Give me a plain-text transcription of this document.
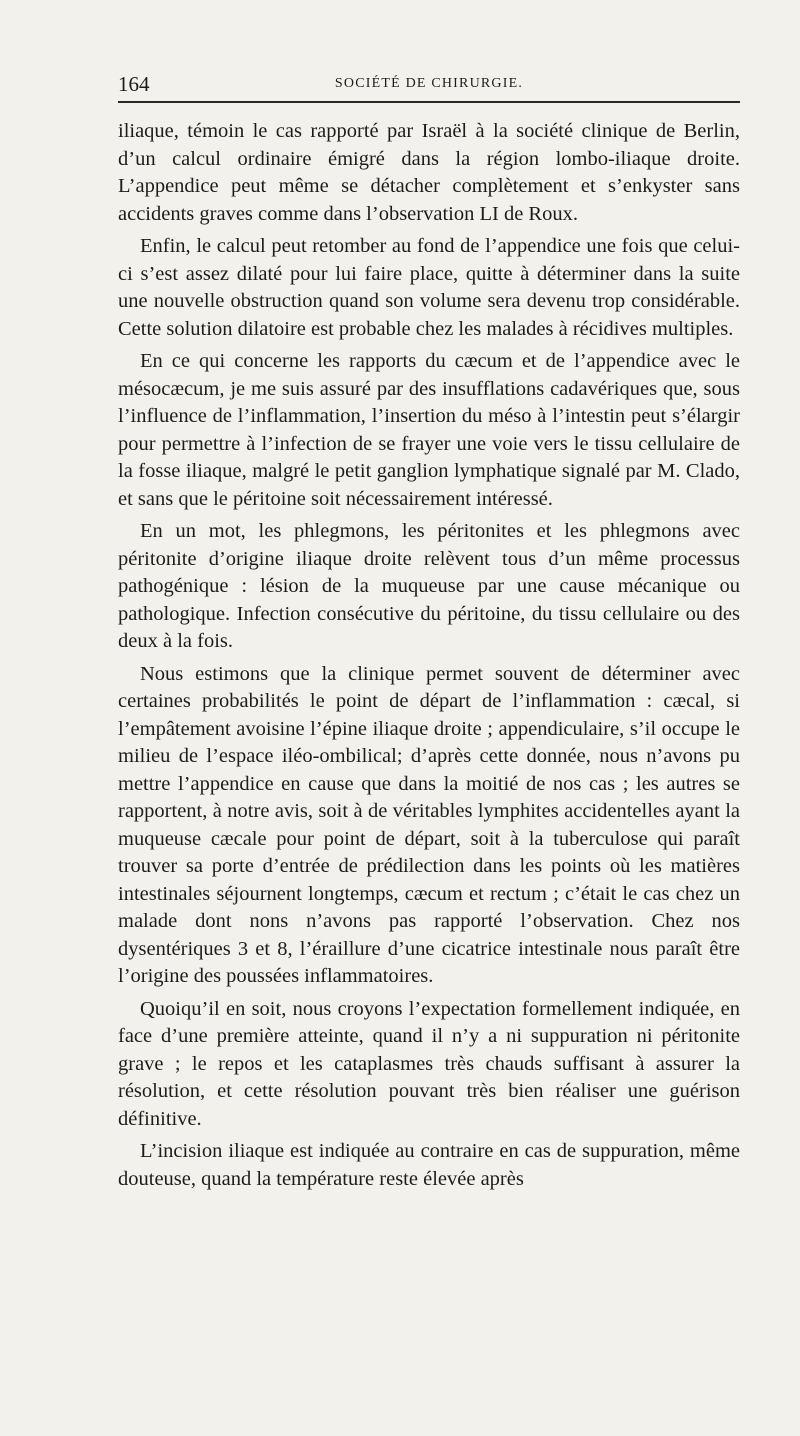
164	SOCIÉTÉ DE CHIRURGIE.

iliaque, témoin le cas rapporté par Israël à la société clinique de Berlin, d’un calcul ordinaire émigré dans la région lombo-iliaque droite. L’appendice peut même se détacher complètement et s’enkyster sans accidents graves comme dans l’observation LI de Roux.

Enfin, le calcul peut retomber au fond de l’appendice une fois que celui-ci s’est assez dilaté pour lui faire place, quitte à déterminer dans la suite une nouvelle obstruction quand son volume sera devenu trop considérable. Cette solution dilatoire est probable chez les malades à récidives multiples.

En ce qui concerne les rapports du cæcum et de l’appendice avec le mésocæcum, je me suis assuré par des insufflations cadavériques que, sous l’influence de l’inflammation, l’insertion du méso à l’intestin peut s’élargir pour permettre à l’infection de se frayer une voie vers le tissu cellulaire de la fosse iliaque, malgré le petit ganglion lymphatique signalé par M. Clado, et sans que le péritoine soit nécessairement intéressé.

En un mot, les phlegmons, les péritonites et les phlegmons avec péritonite d’origine iliaque droite relèvent tous d’un même processus pathogénique : lésion de la muqueuse par une cause mécanique ou pathologique. Infection consécutive du péritoine, du tissu cellulaire ou des deux à la fois.

Nous estimons que la clinique permet souvent de déterminer avec certaines probabilités le point de départ de l’inflammation : cæcal, si l’empâtement avoisine l’épine iliaque droite ; appendiculaire, s’il occupe le milieu de l’espace iléo-ombilical; d’après cette donnée, nous n’avons pu mettre l’appendice en cause que dans la moitié de nos cas ; les autres se rapportent, à notre avis, soit à de véritables lymphites accidentelles ayant la muqueuse cæcale pour point de départ, soit à la tuberculose qui paraît trouver sa porte d’entrée de prédilection dans les points où les matières intestinales séjournent longtemps, cæcum et rectum ; c’était le cas chez un malade dont nons n’avons pas rapporté l’observation. Chez nos dysentériques 3 et 8, l’éraillure d’une cicatrice intestinale nous paraît être l’origine des poussées inflammatoires.

Quoiqu’il en soit, nous croyons l’expectation formellement indiquée, en face d’une première atteinte, quand il n’y a ni suppuration ni péritonite grave ; le repos et les cataplasmes très chauds suffisant à assurer la résolution, et cette résolution pouvant très bien réaliser une guérison définitive.

L’incision iliaque est indiquée au contraire en cas de suppuration, même douteuse, quand la température reste élevée après
